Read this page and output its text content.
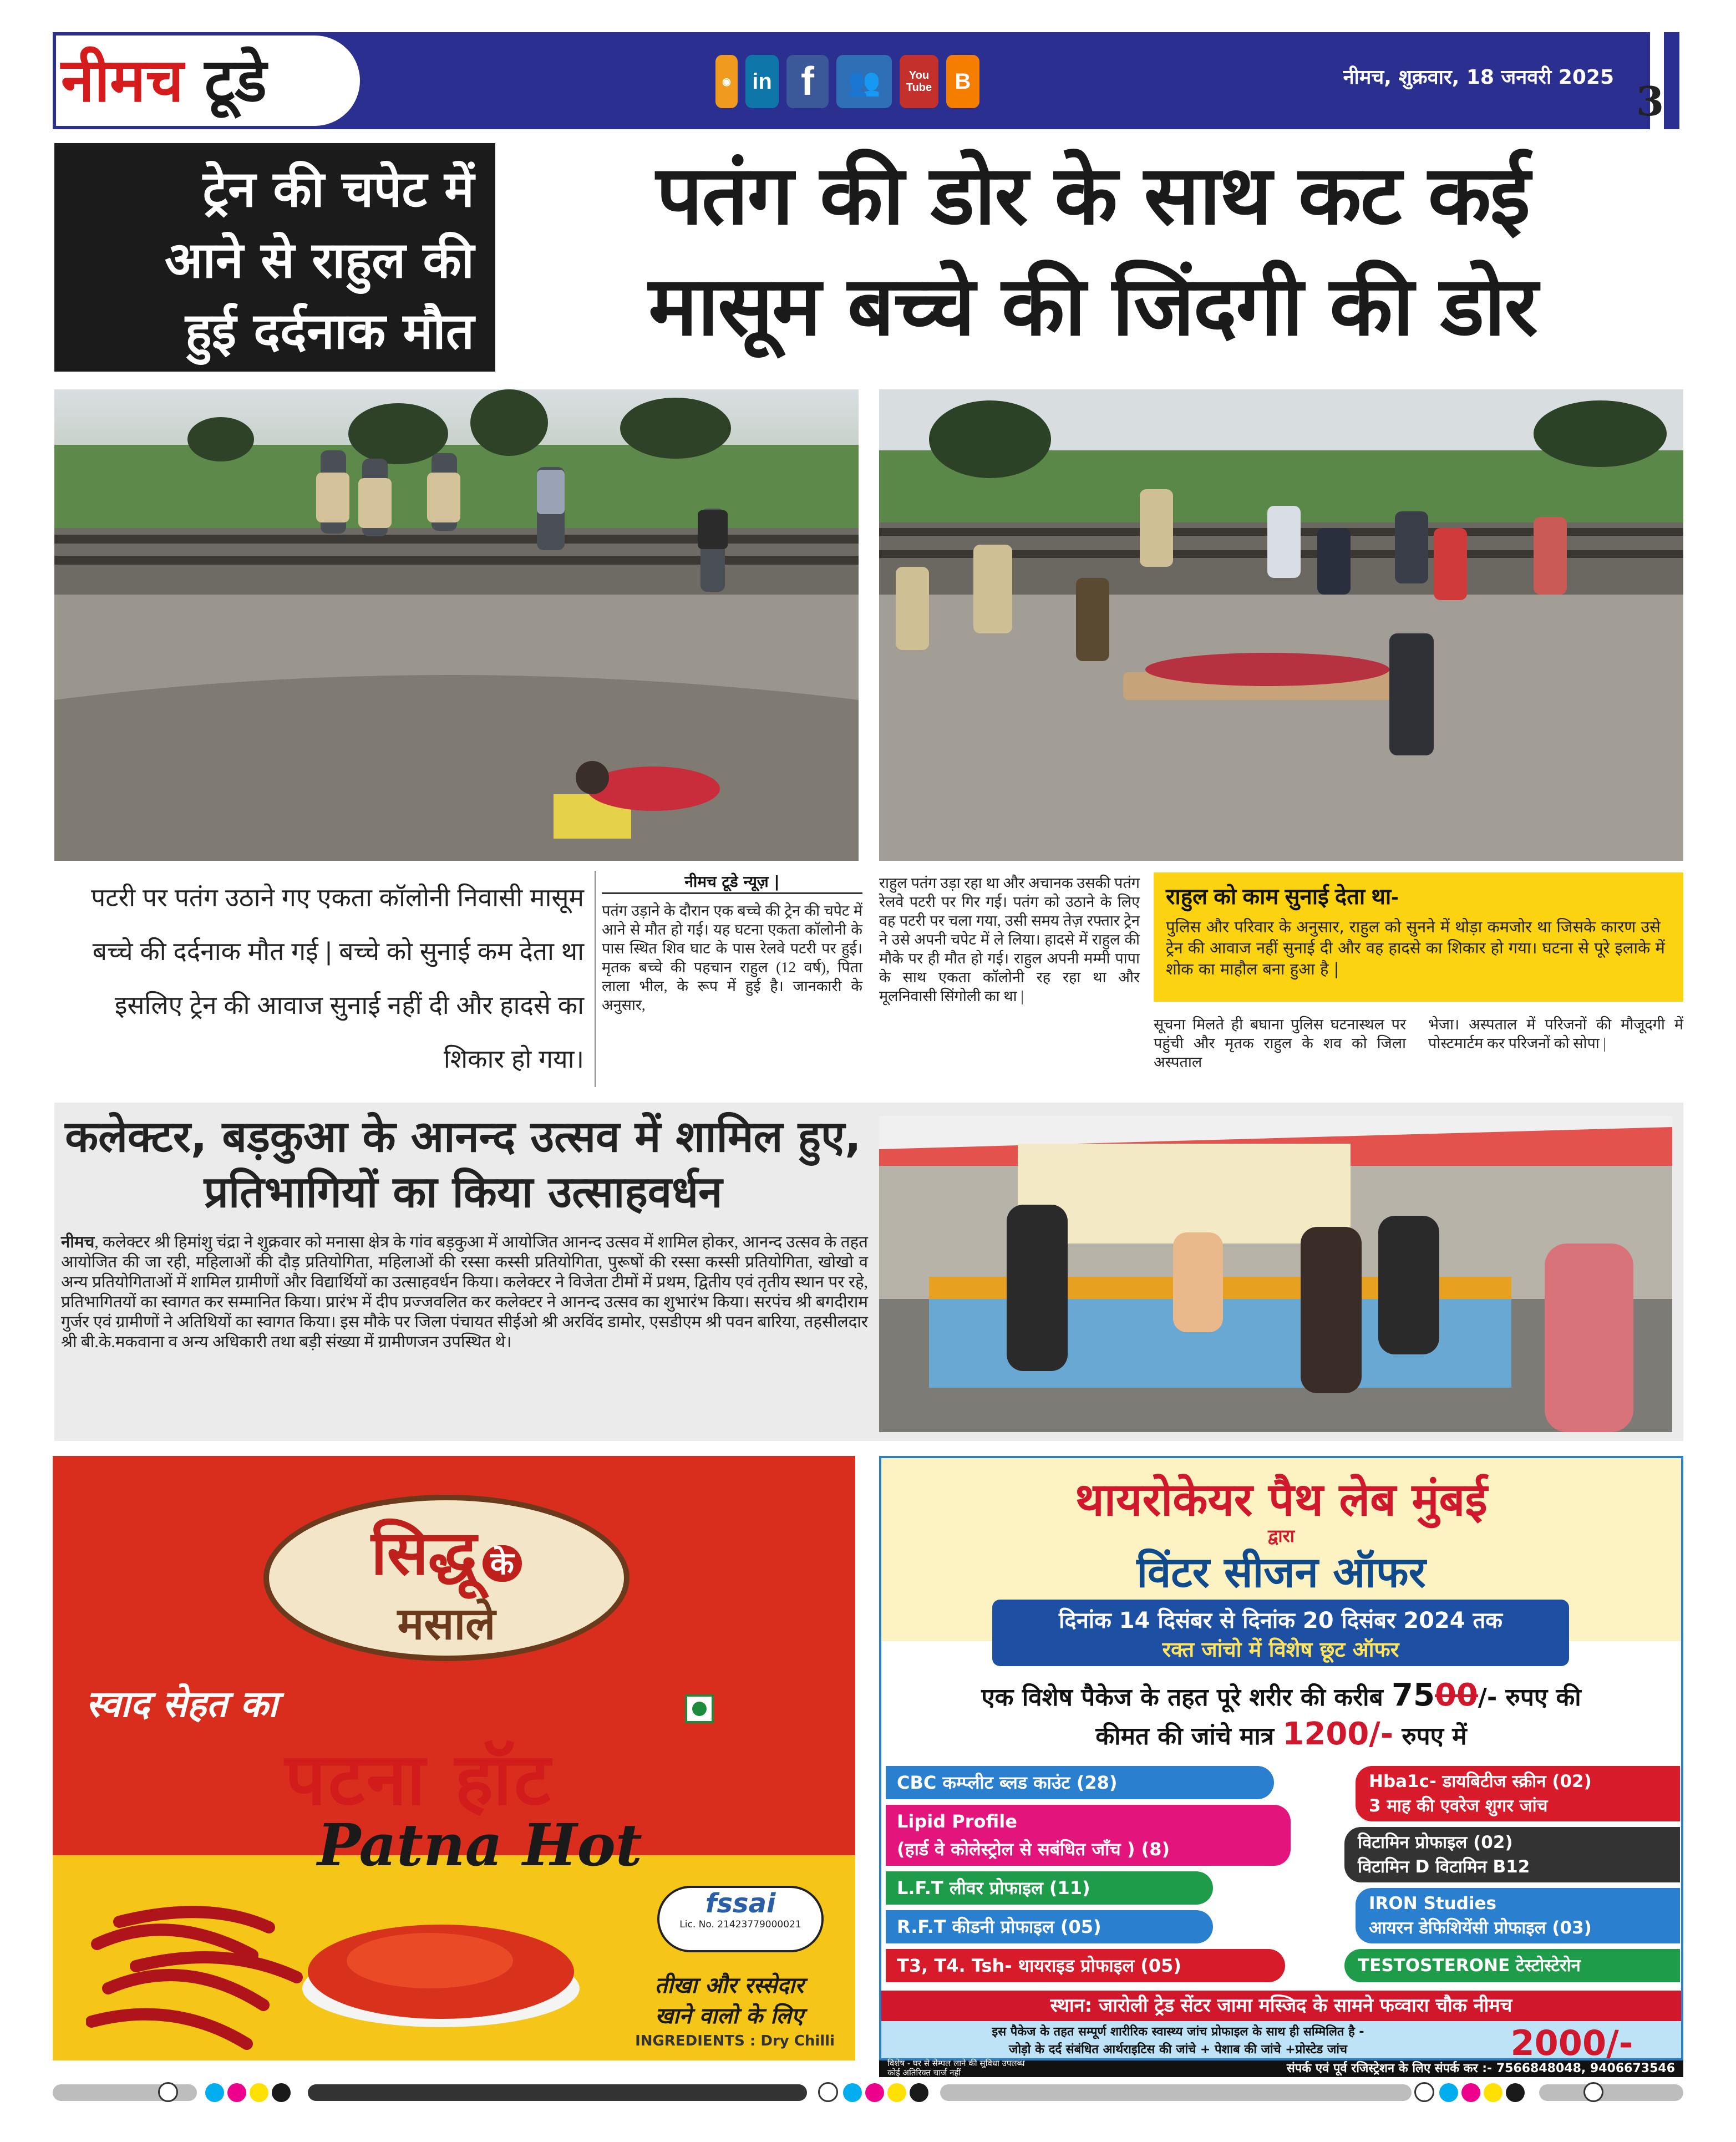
नीमच टूडे	◉ in f	👥	You Tube B	नीमच, शुक्रवार, 18 जनवरी 2025
3
ट्रेन की चपेट में
आने से राहुल की
हुई दर्दनाक मौत
पतंग की डोर के साथ कट कई
मासूम बच्चे की जिंदगी की डोर
पटरी पर पतंग उठाने गए एकता कॉलोनी निवासी मासूम बच्चे की दर्दनाक मौत गई | बच्चे को सुनाई कम देता था इसलिए ट्रेन की आवाज सुनाई नहीं दी और हादसे का शिकार हो गया।
नीमच टूडे न्यूज़ |
पतंग उड़ाने के दौरान एक बच्चे की ट्रेन की चपेट में आने से मौत हो गई। यह घटना एकता कॉलोनी के पास स्थित शिव घाट के पास रेलवे पटरी पर हुई। मृतक बच्चे की पहचान राहुल (12 वर्ष), पिता लाला भील, के रूप में हुई है। जानकारी के अनुसार,
राहुल पतंग उड़ा रहा था और अचानक उसकी पतंग रेलवे पटरी पर गिर गई। पतंग को उठाने के लिए वह पटरी पर चला गया, उसी समय तेज़ रफ्तार ट्रेन ने उसे अपनी चपेट में ले लिया। हादसे में राहुल की मौके पर ही मौत हो गई। राहुल अपनी मम्मी पापा के साथ एकता कॉलोनी रह रहा था और मूलनिवासी सिंगोली का था |
राहुल को काम सुनाई देता था-
पुलिस और परिवार के अनुसार, राहुल को सुनने में थोड़ा कमजोर था जिसके कारण उसे ट्रेन की आवाज नहीं सुनाई दी और वह हादसे का शिकार हो गया। घटना से पूरे इलाके में शोक का माहौल बना हुआ है |
सूचना मिलते ही बघाना पुलिस घटनास्थल पर पहुंची और मृतक राहुल के शव को जिला अस्पताल
भेजा। अस्पताल में परिजनों की मौजूदगी में पोस्टमार्टम कर परिजनों को सोपा |
कलेक्टर, बड़कुआ के आनन्द उत्सव में शामिल हुए, प्रतिभागियों का किया उत्साहवर्धन
नीमच, कलेक्टर श्री हिमांशु चंद्रा ने शुक्रवार को मनासा क्षेत्र के गांव बड़कुआ में आयोजित आनन्द उत्सव में शामिल होकर, आनन्द उत्सव के तहत आयोजित की जा रही, महिलाओं की दौड़ प्रतियोगिता, महिलाओं की रस्सा कस्सी प्रतियोगिता, पुरूषों की रस्सा कस्सी प्रतियोगिता, खोखो व अन्य प्रतियोगिताओं में शामिल ग्रामीणों और विद्यार्थियों का उत्साहवर्धन किया। कलेक्टर ने विजेता टीमों में प्रथम, द्वितीय एवं तृतीय स्थान पर रहे, प्रतिभागितयों का स्वागत कर सम्मानित किया। प्रारंभ में दीप प्रज्जवलित कर कलेक्टर ने आनन्द उत्सव का शुभारंभ किया। सरपंच श्री बगदीराम गुर्जर एवं ग्रामीणों ने अतिथियों का स्वागत किया। इस मौके पर जिला पंचायत सीईओ श्री अरविंद डामोर, एसडीएम श्री पवन बारिया, तहसीलदार श्री बी.के.मकवाना व अन्य अधिकारी तथा बड़ी संख्या में ग्रामीणजन उपस्थित थे।
सिद्धू के
मसाले
स्वाद सेहत का
पटना हॉट
Patna Hot
fssai
Lic. No. 21423779000021
तीखा और रस्सेदार
खाने वालो के लिए
INGREDIENTS : Dry Chilli
थायरोकेयर पैथ लेब मुंबई
द्वारा
विंटर सीजन ऑफर
दिनांक 14 दिसंबर से दिनांक 20 दिसंबर 2024 तक
रक्त जांचो में विशेष छूट ऑफर
एक विशेष पैकेज के तहत पूरे शरीर की करीब 7500/- रुपए की
कीमत की जांचे मात्र 1200/- रुपए में
CBC कम्प्लीट ब्लड काउंट (28)
Lipid Profile
(हार्ड वे कोलेस्ट्रोल से सबंधित जाँच ) (8)
L.F.T लीवर प्रोफाइल (11)
R.F.T कीडनी प्रोफाइल (05)
T3, T4. Tsh- थायराइड प्रोफाइल (05)
Hba1c- डायबिटीज स्क्रीन (02)
3 माह की एवरेज शुगर जांच
विटामिन प्रोफाइल (02)
विटामिन D विटामिन B12
IRON Studies
आयरन डेफिशियेंसी प्रोफाइल (03)
TESTOSTERONE टेस्टोस्टेरोन
स्थान: जारोली ट्रेड सेंटर जामा मस्जिद के सामने फव्वारा चौक नीमच
इस पैकेज के तहत सम्पूर्ण शारीरिक स्वास्थ्य जांच प्रोफाइल के साथ ही सम्मिलित है -
जोड़ो के दर्द संबंधित आर्थराइटिस की जांचे + पेशाब की जांचे +प्रोस्टेड जांच	2000/-
विशेष - घर से सेम्पल लाने की सुविधा उपलब्ध
कोई अतिरिक्त चार्ज नहीं	संपर्क एवं पूर्व रजिस्ट्रेशन के लिए संपर्क कर :- 7566848048, 9406673546
